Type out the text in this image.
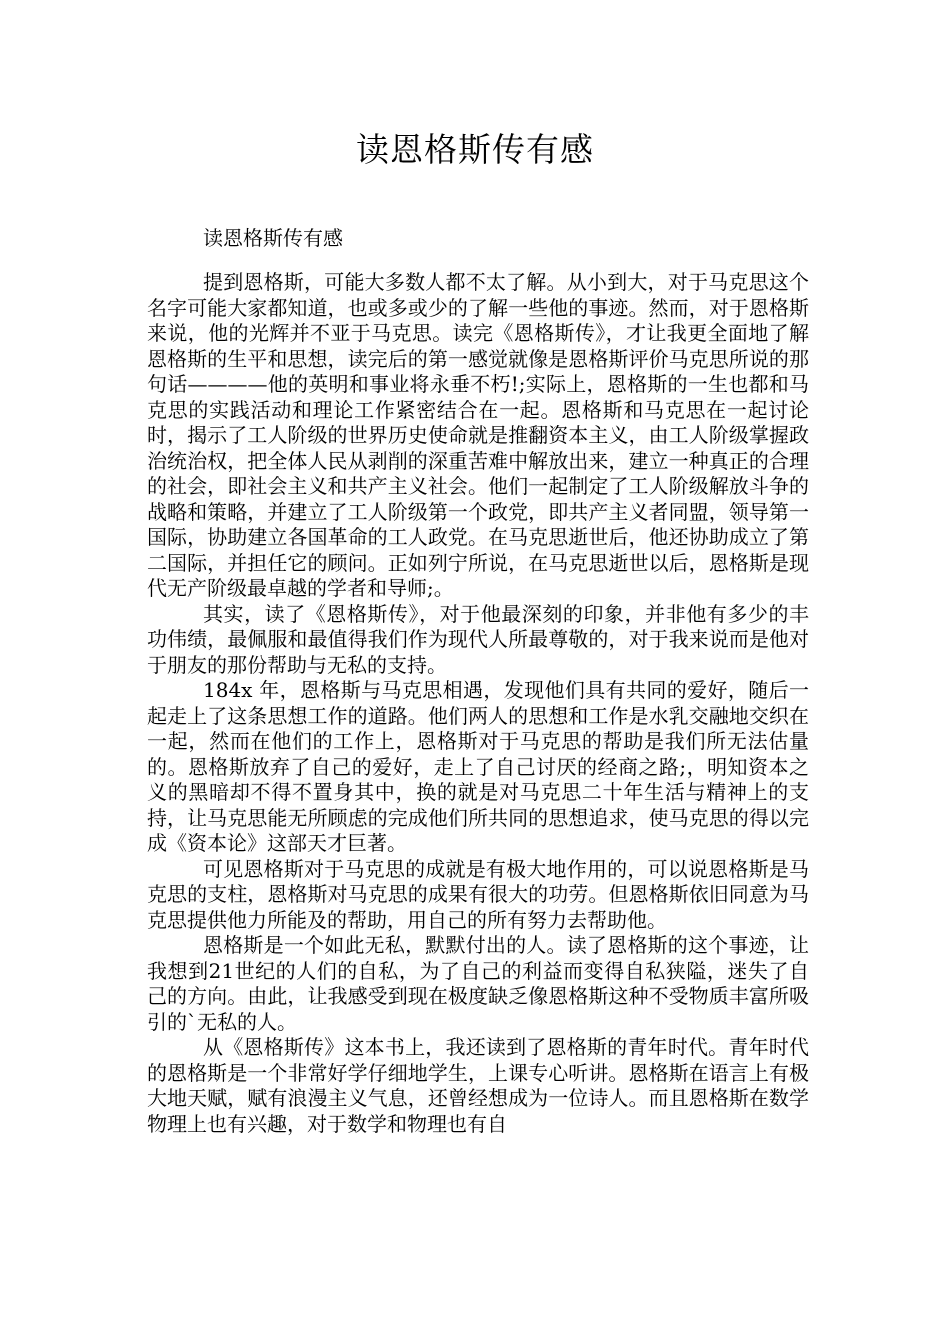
读恩格斯传有感
读恩格斯传有感

提到恩格斯，可能大多数人都不太了解。从小到大，对于马克思这个名字可能大家都知道，也或多或少的了解一些他的事迹。然而，对于恩格斯来说，他的光辉并不亚于马克思。读完《恩格斯传》，才让我更全面地了解恩格斯的生平和思想，读完后的第一感觉就像是恩格斯评价马克思所说的那句话————他的英明和事业将永垂不朽!;实际上，恩格斯的一生也都和马克思的实践活动和理论工作紧密结合在一起。恩格斯和马克思在一起讨论时，揭示了工人阶级的世界历史使命就是推翻资本主义，由工人阶级掌握政治统治权，把全体人民从剥削的深重苦难中解放出来，建立一种真正的合理的社会，即社会主义和共产主义社会。他们一起制定了工人阶级解放斗争的战略和策略，并建立了工人阶级第一个政党，即共产主义者同盟，领导第一国际，协助建立各国革命的工人政党。在马克思逝世后，他还协助成立了第二国际，并担任它的顾问。正如列宁所说，在马克思逝世以后，恩格斯是现代无产阶级最卓越的学者和导师;。

其实，读了《恩格斯传》，对于他最深刻的印象，并非他有多少的丰功伟绩，最佩服和最值得我们作为现代人所最尊敬的，对于我来说而是他对于朋友的那份帮助与无私的支持。

184x 年，恩格斯与马克思相遇，发现他们具有共同的爱好，随后一起走上了这条思想工作的道路。他们两人的思想和工作是水乳交融地交织在一起，然而在他们的工作上，恩格斯对于马克思的帮助是我们所无法估量的。恩格斯放弃了自己的爱好，走上了自己讨厌的经商之路;，明知资本之义的黑暗却不得不置身其中，换的就是对马克思二十年生活与精神上的支持，让马克思能无所顾虑的完成他们所共同的思想追求，使马克思的得以完成《资本论》这部天才巨著。

可见恩格斯对于马克思的成就是有极大地作用的，可以说恩格斯是马克思的支柱，恩格斯对马克思的成果有很大的功劳。但恩格斯依旧同意为马克思提供他力所能及的帮助，用自己的所有努力去帮助他。

恩格斯是一个如此无私，默默付出的人。读了恩格斯的这个事迹，让我想到21世纪的人们的自私，为了自己的利益而变得自私狭隘，迷失了自己的方向。由此，让我感受到现在极度缺乏像恩格斯这种不受物质丰富所吸引的`无私的人。

从《恩格斯传》这本书上，我还读到了恩格斯的青年时代。青年时代的恩格斯是一个非常好学仔细地学生，上课专心听讲。恩格斯在语言上有极大地天赋，赋有浪漫主义气息，还曾经想成为一位诗人。而且恩格斯在数学物理上也有兴趣，对于数学和物理也有自
